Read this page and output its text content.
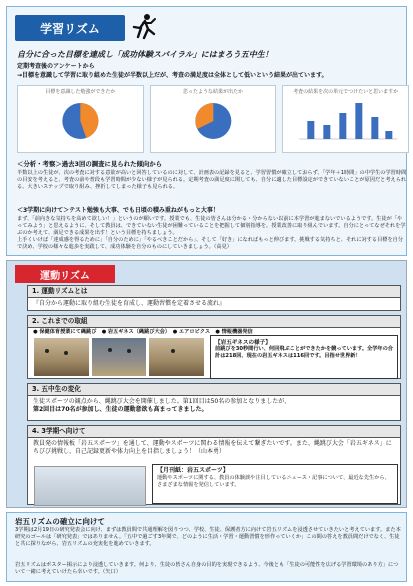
学習リズム
自分に合った目標を達成し「成功体験スパイラル」にはまろう五中生！
定期考査後のアンケートから
→目標を意識して学習に取り組めた生徒が半数以上だが、考査の満足度は全体として低いという結果が出ています。
目標を意識した勉強ができたか	思ったような結果が出たか	考査の結果を次の単元でつけたいと思いますか
＜分析・考察＞過去3回の調査に見られた傾向から

半数以上の生徒が、次の考査に対する意欲が高いと回答しているのに対して、計画表の記録を見ると、学習習慣が確立しておらず、「学年＋1時間」の中学生の学習時間の目安を考えると、考査の前や普段も学習時間が少ない様子が見られる。定期考査の満足度に関しても、自分に適した目標設定ができていないことが原因だと考えられる。大きいステップで取り組み、挫折してしまった様子も見られる。

＜3学期に向けて＞テスト勉強も大事、でも日頃の積み重ねがもっと大事！

まず、「前向きな気持ちを高めて欲しい！」というのが願いです。授業でも、生徒の皆さんは分かる・分からない以前に本学習が進まないでいるようです。生徒が「やってみよう」と思えるように、そして教員は、できていない生徒が困難っていることを把握して個別指導を。授業改善に取り組んでいます。自分にとってなぜそれを学ぶのか考えて、満足できる成果を出す！という目標を持ちましょう。

上手くいけば「達成感を得るために」「自分のために」「やるべきことだから」、そして「好き」になればもっと伸びます。挑戦する気持ちと、それに対する目標を自分で決め、学校の様々な進歩を実践して、成功体験を自分のものにしていきましょう。（高見）

運動リズム
1. 運動リズムとは
『自分から運動に取り組む生徒を育成し、運動習慣を定着させる流れ』
2. これまでの取組
● 保健体育授業にて縄跳び　● 岩五ギネス（縄跳び大会）　● エアロビクス　● 情報機器発信
【岩五ギネスの様子】
前跳びを30秒間行い、何回飛ぶことができたかを競っています。全学年の合計は218回、現在の岩五ギネスは116回です。目指せ世界新！
3. 五中生の変化
生徒スポーツの観点から、縄跳び大会を開催しました。第1回目は50名の参加となりましたが、
第2回目は70名が参加し、生徒の運動意欲も高まってきました。
4. 3学期へ向けて
教員発の情報板「岩五スポーツ」を通して、運動やスポーツに関わる情報を伝えて繋ぎたいです。また、縄跳び大会「岩五ギネス」にちびび挑戦し、自己記録更新や体力向上を目指しましょう！（山本勇）
【月刊紙：岩五スポーツ】
運動やスポーツに関する、教員の体験談や注目しているニュース・記事について、最近な先生から、さまざまな情報を発信しています。
岩五リズムの確立に向けて

3学期は2月19日の研究発表会に向け、まずは教員間で共通理解を図りつつ、学校、生徒、保護者方に向けて岩五リズムを浸透させていきたいと考えています。また本研究のゴールは「研究発表」ではありません。「五中で過ごす3年間で、どのように生活・学習・運動習慣を形作っていくか」この間の答えを教員間だけでなく、生徒と共に探りながら、岩五リズムの充実化を進めていきます。

岩五リズムはポスター掲示により浸透していきます。何より、生徒の皆さん自身の目的を実現できるよう、今後とも「生徒の可能性を広げる学習環境のあり方」について一緒に考えていけたら幸いです。（矢口）
